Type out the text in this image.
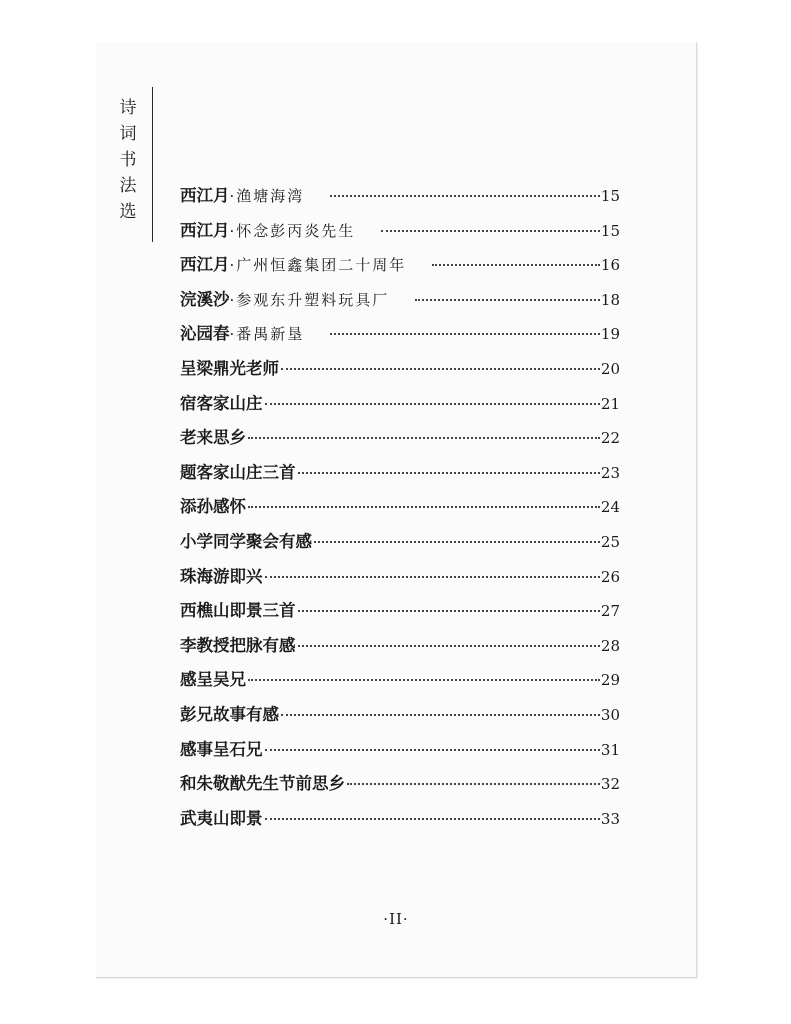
诗
词
书
法
选
西江月·渔塘海湾	15
西江月·怀念彭丙炎先生	15
西江月·广州恒鑫集团二十周年	16
浣溪沙·参观东升塑料玩具厂	18
沁园春·番禺新垦	19
呈梁鼎光老师	20
宿客家山庄	21
老来思乡	22
题客家山庄三首	23
添孙感怀	24
小学同学聚会有感	25
珠海游即兴	26
西樵山即景三首	27
李教授把脉有感	28
感呈吴兄	29
彭兄故事有感	30
感事呈石兄	31
和朱敬猷先生节前思乡	32
武夷山即景	33
·II·
